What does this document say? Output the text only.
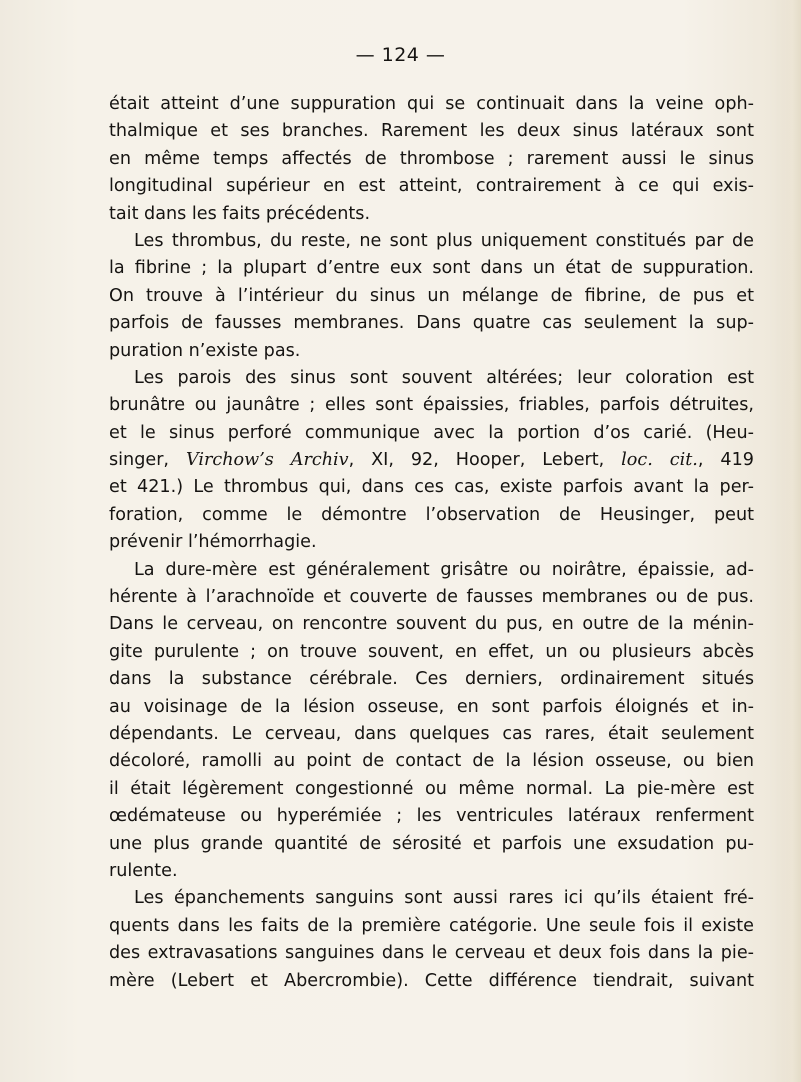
— 124 —
était atteint d’une suppuration qui se continuait dans la veine oph-
thalmique et ses branches. Rarement les deux sinus latéraux sont
en même temps affectés de thrombose ; rarement aussi le sinus
longitudinal supérieur en est atteint, contrairement à ce qui exis-
tait dans les faits précédents.
Les thrombus, du reste, ne sont plus uniquement constitués par de
la fibrine ; la plupart d’entre eux sont dans un état de suppuration.
On trouve à l’intérieur du sinus un mélange de fibrine, de pus et
parfois de fausses membranes. Dans quatre cas seulement la sup-
puration n’existe pas.
Les parois des sinus sont souvent altérées; leur coloration est
brunâtre ou jaunâtre ; elles sont épaissies, friables, parfois détruites,
et le sinus perforé communique avec la portion d’os carié. (Heu-
singer, Virchow’s Archiv, XI, 92, Hooper, Lebert, loc. cit., 419
et 421.) Le thrombus qui, dans ces cas, existe parfois avant la per-
foration, comme le démontre l’observation de Heusinger, peut
prévenir l’hémorrhagie.
La dure-mère est généralement grisâtre ou noirâtre, épaissie, ad-
hérente à l’arachnoïde et couverte de fausses membranes ou de pus.
Dans le cerveau, on rencontre souvent du pus, en outre de la ménin-
gite purulente ; on trouve souvent, en effet, un ou plusieurs abcès
dans la substance cérébrale. Ces derniers, ordinairement situés
au voisinage de la lésion osseuse, en sont parfois éloignés et in-
dépendants. Le cerveau, dans quelques cas rares, était seulement
décoloré, ramolli au point de contact de la lésion osseuse, ou bien
il était légèrement congestionné ou même normal. La pie-mère est
œdémateuse ou hyperémiée ; les ventricules latéraux renferment
une plus grande quantité de sérosité et parfois une exsudation pu-
rulente.
Les épanchements sanguins sont aussi rares ici qu’ils étaient fré-
quents dans les faits de la première catégorie. Une seule fois il existe
des extravasations sanguines dans le cerveau et deux fois dans la pie-
mère (Lebert et Abercrombie). Cette différence tiendrait, suivant
